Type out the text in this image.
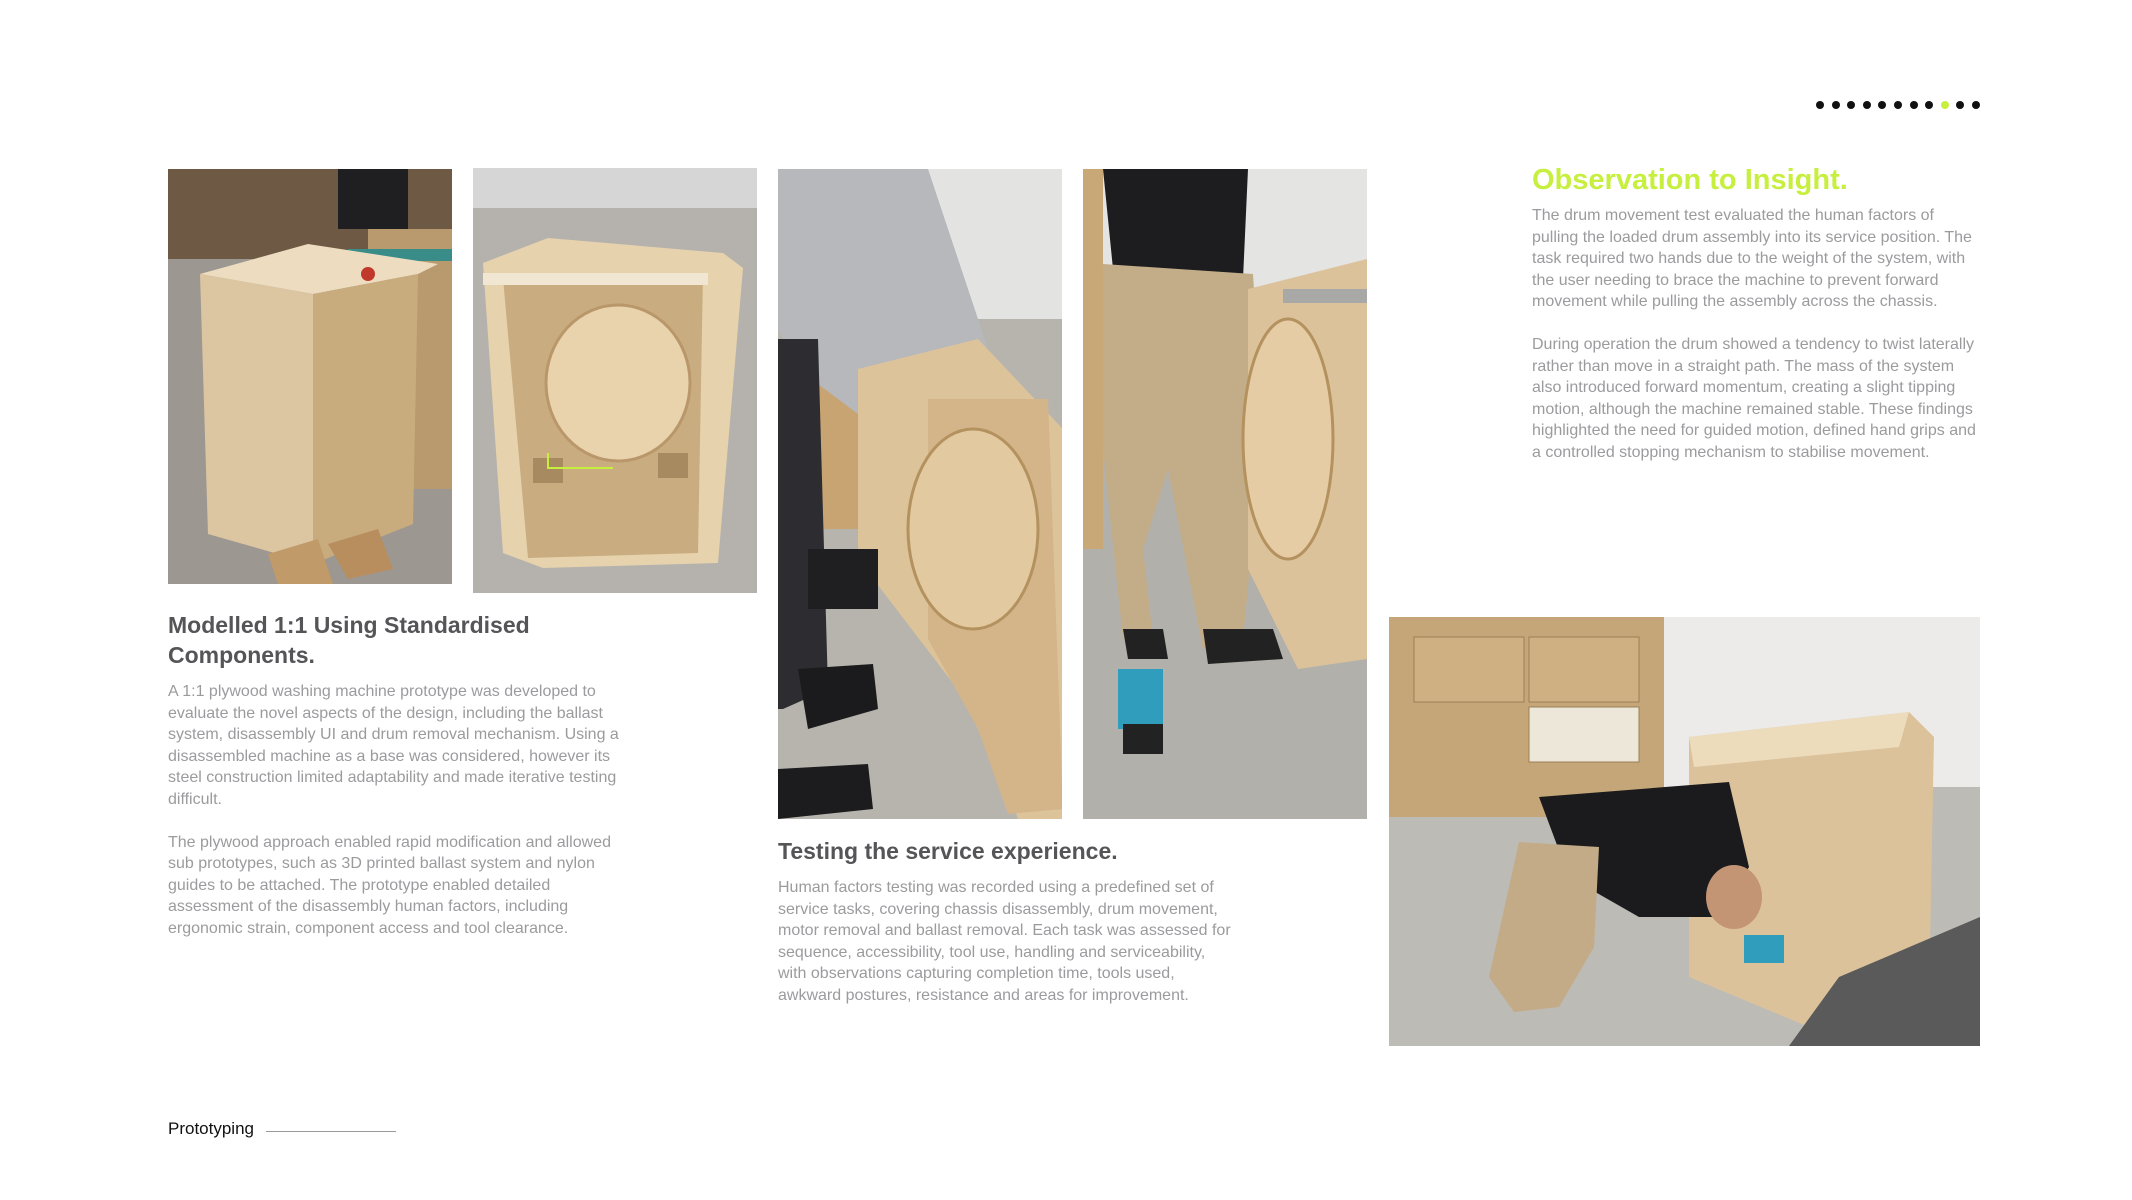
Modelled 1:1 Using Standardised Components.

A 1:1 plywood washing machine prototype was developed to evaluate the novel aspects of the design, including the ballast system, disassembly UI and drum removal mechanism. Using a disassembled machine as a base was considered, however its steel construction limited adaptability and made iterative testing difficult.

The plywood approach enabled rapid modification and allowed sub prototypes, such as 3D printed ballast system and nylon guides to be attached. The prototype enabled detailed assessment of the disassembly human factors, including ergonomic strain, component access and tool clearance.

Testing the service experience.

Human factors testing was recorded using a predefined set of service tasks, covering chassis disassembly, drum movement, motor removal and ballast removal. Each task was assessed for sequence, accessibility, tool use, handling and serviceability, with observations capturing completion time, tools used, awkward postures, resistance and areas for improvement.

Observation to Insight.

The drum movement test evaluated the human factors of pulling the loaded drum assembly into its service position. The task required two hands due to the weight of the system, with the user needing to brace the machine to prevent forward movement while pulling the assembly across the chassis.

During operation the drum showed a tendency to twist laterally rather than move in a straight path. The mass of the system also introduced forward momentum, creating a slight tipping motion, although the machine remained stable. These findings highlighted the need for guided motion, defined hand grips and a controlled stopping mechanism to stabilise movement.

Prototyping
